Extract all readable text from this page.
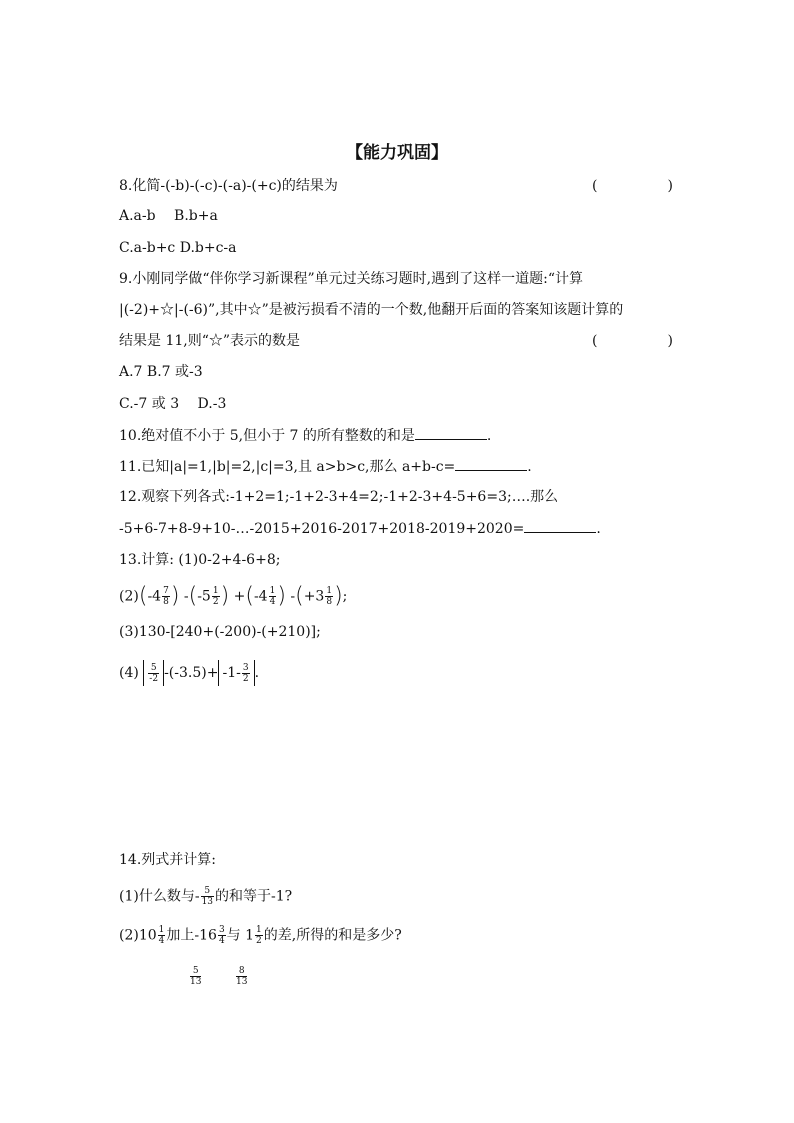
【能力巩固】
8.化简-(-b)-(-c)-(-a)-(+c)的结果为	(　　　　　)
A.a-b　 B.b+a
C.a-b+c D.b+c-a
9.小刚同学做“伴你学习新课程”单元过关练习题时,遇到了这样一道题:“计算
|(-2)+☆|-(-6)”,其中☆”是被污损看不清的一个数,他翻开后面的答案知该题计算的
结果是 11,则“☆”表示的数是	(　　　　　)
A.7 B.7 或-3
C.-7 或 3　 D.-3
10.绝对值不小于 5,但小于 7 的所有整数的和是	.
11.已知|a|=1,|b|=2,|c|=3,且 a>b>c,那么 a+b-c=	.
12.观察下列各式:-1+2=1;-1+2-3+4=2;-1+2-3+4-5+6=3;….那么
-5+6-7+8-9+10-…-2015+2016-2017+2018-2019+2020=	.
13.计算: (1)0-2+4-6+8;
$(2)(-4 \frac{7}{8}$ ) $-(-5 \frac{1}{2}$ ) $+(-4 \frac{1}{4}$ ) $-(+3 \frac{1}{8}$ );
(3)130-[240+(-200)-(+210)];
$(4) \frac{5}{-2} -(-3.5)+ -1- \frac{3}{2}$ .
14.列式并计算:
(1)什么数与- $\frac{5}{13}$ 的和等于-1?
$(2)10 \frac{1}{4}$ 加上$-16 \frac{3}{4}$ 与 $1 \frac{1}{2}$ 的差,所得的和是多少?
$\frac{5}{13}$	$\frac{8}{13}$
